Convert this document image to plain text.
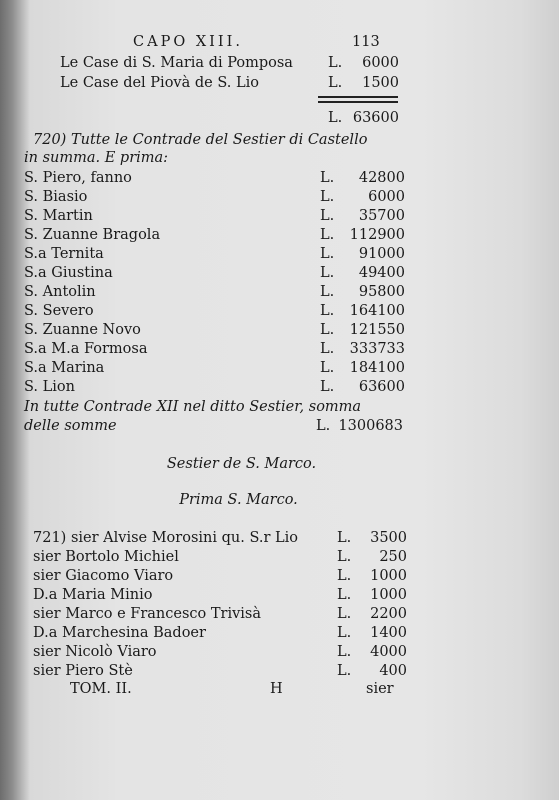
CAPO XIII.	113
Le Case di S. Maria di Pomposa L. 6000
Le Case del Piovà de S. Lio	L. 1500
L. 63600
720) Tutte le Contrade del Sestier di Castello
in summa. E prima:
S. Piero, fanno	L. 42800
S. Biasio	L. 6000
S. Martin	L. 35700
S. Zuanne Bragola	L. 112900
S.a Ternita	L. 91000
S.a Giustina	L. 49400
S. Antolin	L. 95800
S. Severo	L. 164100
S. Zuanne Novo	L. 121550
S.a M.a Formosa	L. 333733
S.a Marina	L. 184100
S. Lion	L. 63600
In tutte Contrade XII nel ditto Sestier, somma
delle somme	L. 1300683
Sestier de S. Marco.
Prima S. Marco.
721) sier Alvise Morosini qu. S.r Lio	L. 3500
sier Bortolo Michiel	L. 250
sier Giacomo Viaro	L. 1000
D.a Maria Minio	L. 1000
sier Marco e Francesco Trivisà	L. 2200
D.a Marchesina Badoer	L. 1400
sier Nicolò Viaro	L. 4000
sier Piero Stè	L. 400
TOM. II.	H	sier
